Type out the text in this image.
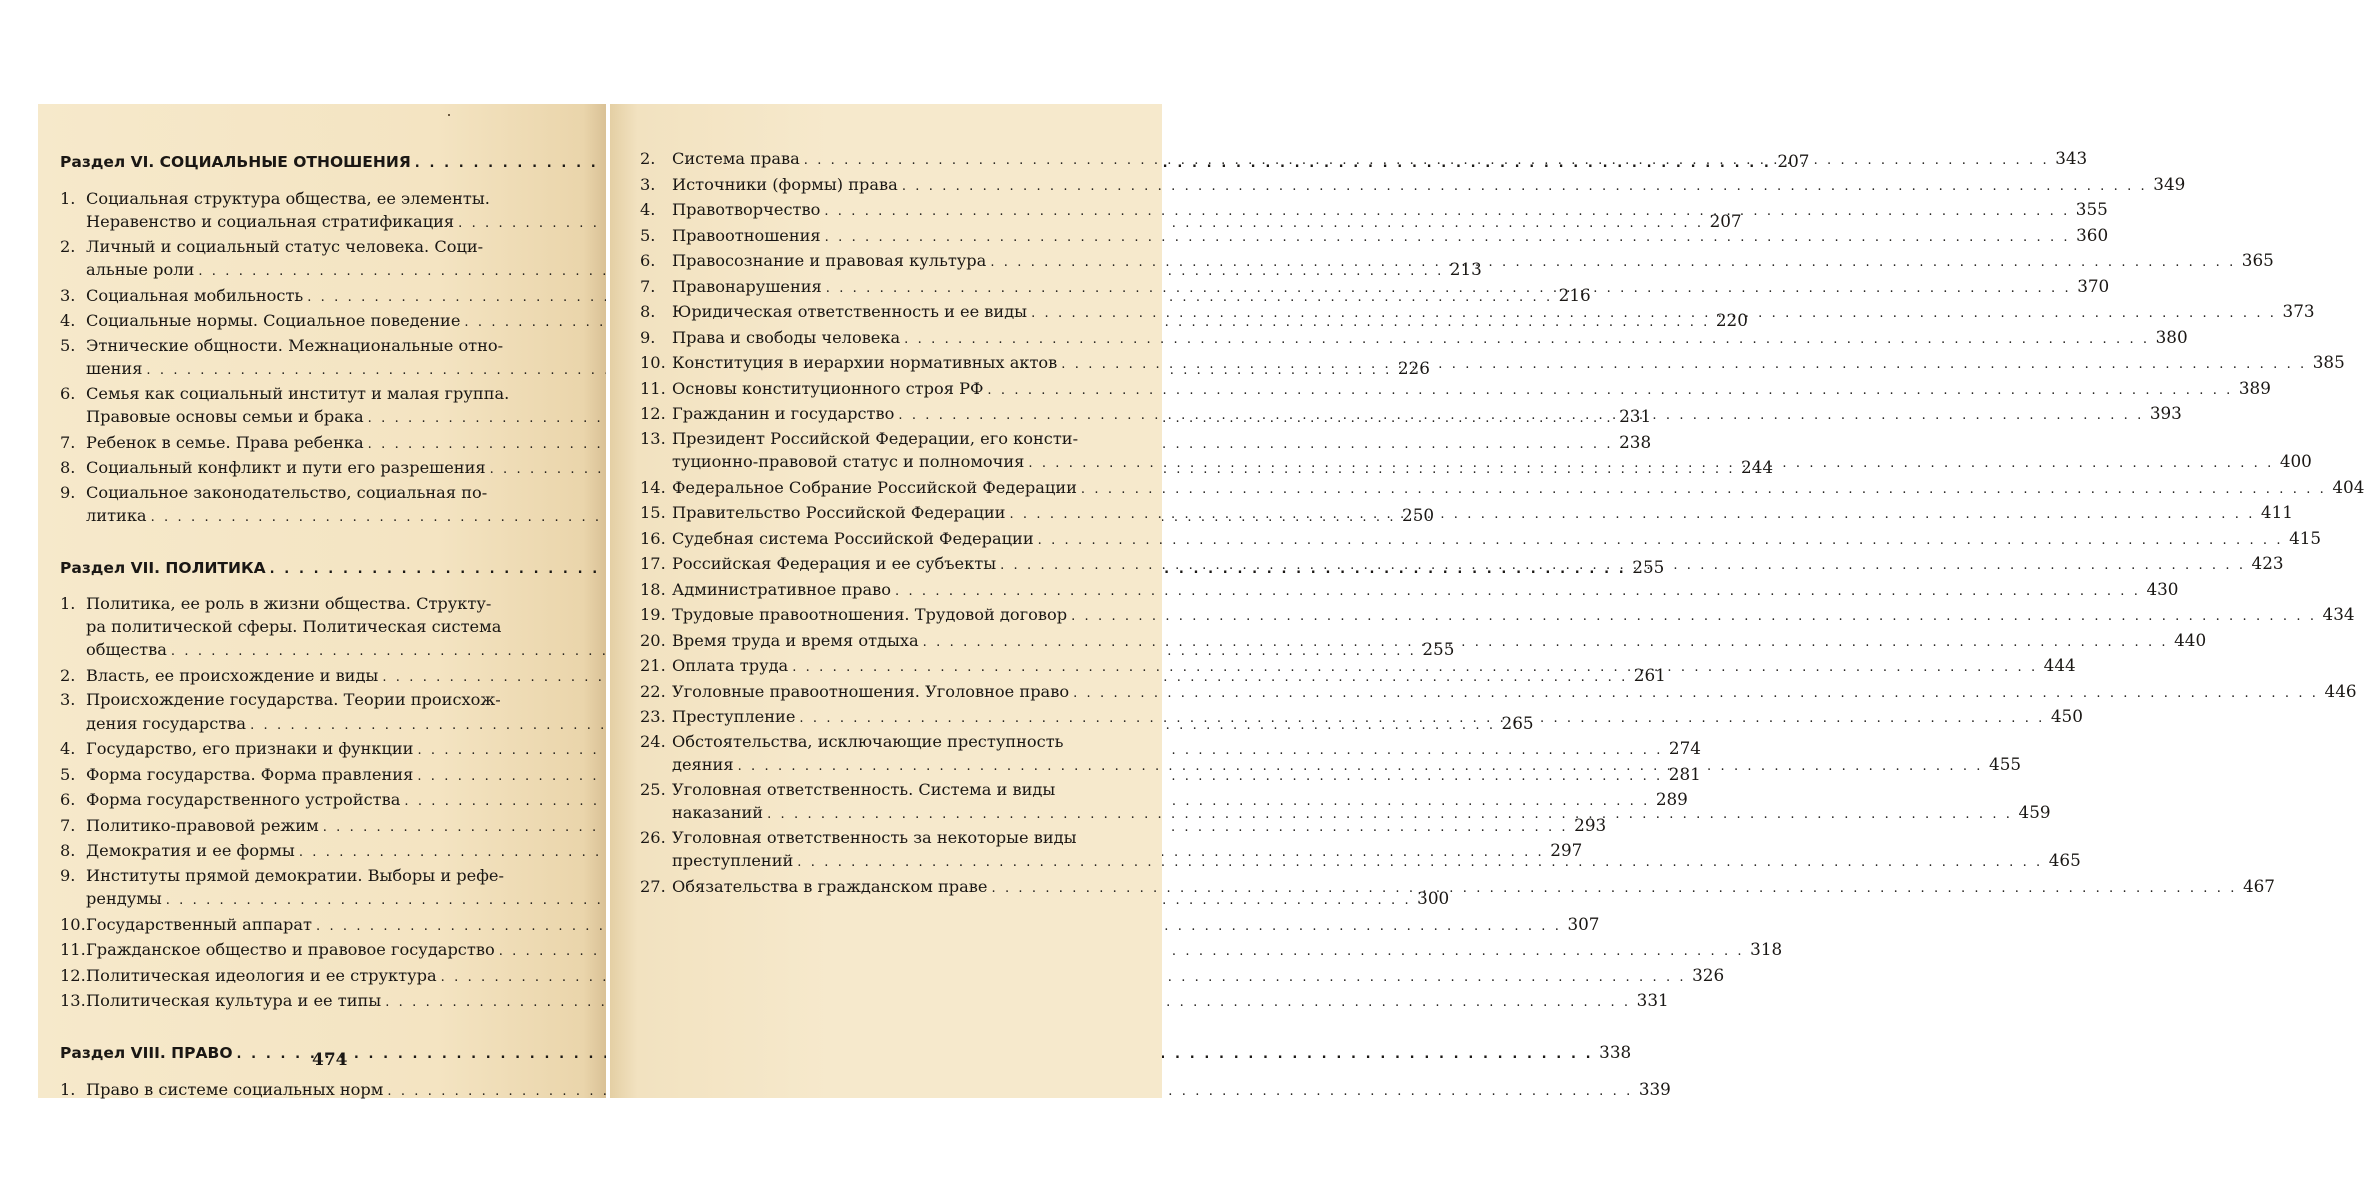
Раздел VI. СОЦИАЛЬНЫЕ ОТНОШЕНИЯ . . .	207
1. Социальная структура общества, ее элементы.
Неравенство и социальная стратификация . . .	207
2. Личный и социальный статус человека. Соци-
альные роли . . .	213
3. Социальная мобильность . . .	216
4. Социальные нормы. Социальное поведение . . .	220
5. Этнические общности. Межнациональные отно-
шения . . .	226
6. Семья как социальный институт и малая группа.
Правовые основы семьи и брака . . .	231
7. Ребенок в семье. Права ребенка . . .	238
8. Социальный конфликт и пути его разрешения . . .	244
9. Социальное законодательство, социальная по-
литика . . .	250
Раздел VII. ПОЛИТИКА . . .	255
1. Политика, ее роль в жизни общества. Структу-
ра политической сферы. Политическая система
общества . . .	255
2. Власть, ее происхождение и виды . . .	261
3. Происхождение государства. Теории происхож-
дения государства . . .	265
4. Государство, его признаки и функции . . .	274
5. Форма государства. Форма правления . . .	281
6. Форма государственного устройства . . .	289
7. Политико-правовой режим . . .	293
8. Демократия и ее формы . . .	297
9. Институты прямой демократии. Выборы и рефе-
рендумы . . .	300
10. Государственный аппарат . . .	307
11. Гражданское общество и правовое государство . . .	318
12. Политическая идеология и ее структура . . .	326
13. Политическая культура и ее типы . . .	331
Раздел VIII. ПРАВО . . .	338
1. Право в системе социальных норм . . .	339
474
2.	Система права . . .	343
3.	Источники (формы) права . . .	349
4.	Правотворчество . . .	355
5.	Правоотношения . . .	360
6.	Правосознание и правовая культура . . .	365
7.	Правонарушения . . .	370
8.	Юридическая ответственность и ее виды . . .	373
9.	Права и свободы человека . . .	380
10. Конституция в иерархии нормативных актов . . .	385
11. Основы конституционного строя РФ . . .	389
12. Гражданин и государство . . .	393
13. Президент Российской Федерации, его консти-
туционно-правовой статус и полномочия . . .	400
14. Федеральное Собрание Российской Федерации . . .	404
15. Правительство Российской Федерации . . .	411
16. Судебная система Российской Федерации . . .	415
17. Российская Федерация и ее субъекты . . .	423
18. Административное право . . .	430
19. Трудовые правоотношения. Трудовой договор . . .	434
20. Время труда и время отдыха . . .	440
21. Оплата труда . . .	444
22. Уголовные правоотношения. Уголовное право . . .	446
23. Преступление . . .	450
24. Обстоятельства, исключающие преступность
деяния . . .	455
25. Уголовная ответственность. Система и виды
наказаний . . .	459
26. Уголовная ответственность за некоторые виды
преступлений . . .	465
27. Обязательства в гражданском праве . . .	467
